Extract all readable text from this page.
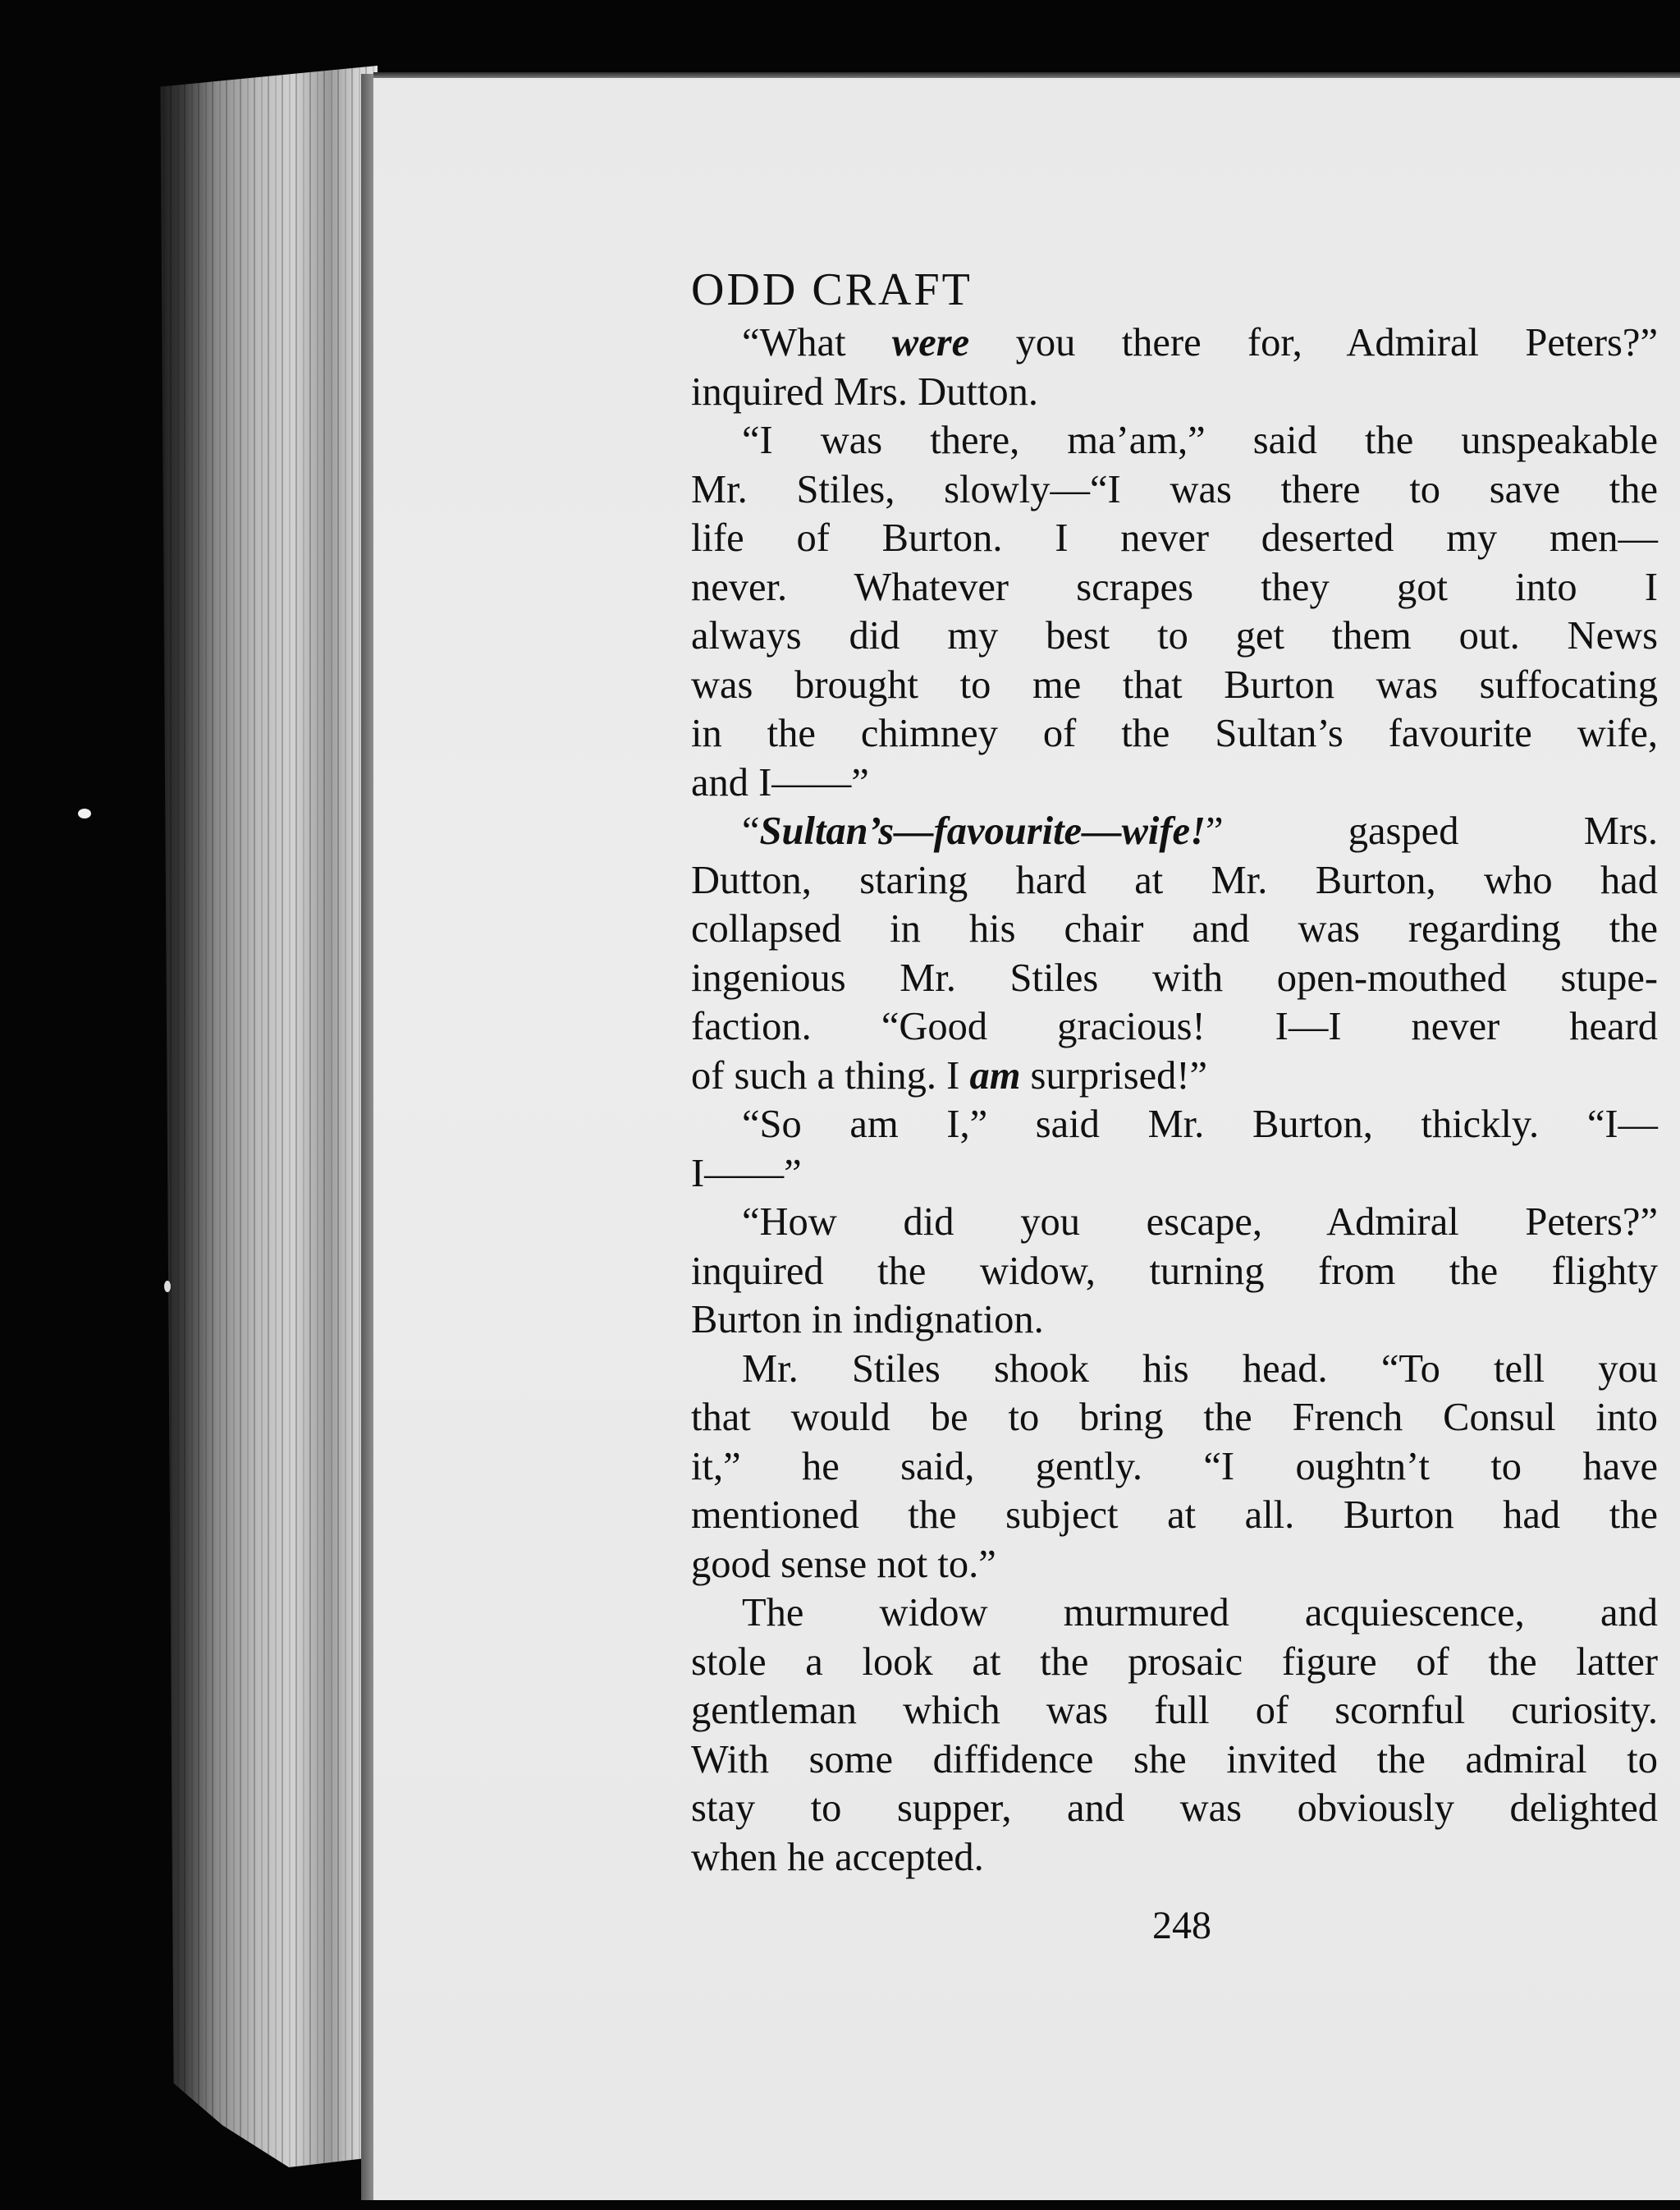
ODD CRAFT
“What were you there for, Admiral Peters?”
inquired Mrs. Dutton.
“I was there, ma’am,” said the unspeakable
Mr. Stiles, slowly—“I was there to save the
life of Burton. I never deserted my men—
never. Whatever scrapes they got into I
always did my best to get them out. News
was brought to me that Burton was suffocating
in the chimney of the Sultan’s favourite wife,
and I——”
“Sultan’s—favourite—wife!” gasped Mrs.
Dutton, staring hard at Mr. Burton, who had
collapsed in his chair and was regarding the
ingenious Mr. Stiles with open-mouthed stupe-
faction. “Good gracious! I—I never heard
of such a thing. I am surprised!”
“So am I,” said Mr. Burton, thickly. “I—
I——”
“How did you escape, Admiral Peters?”
inquired the widow, turning from the flighty
Burton in indignation.
Mr. Stiles shook his head. “To tell you
that would be to bring the French Consul into
it,” he said, gently. “I oughtn’t to have
mentioned the subject at all. Burton had the
good sense not to.”
The widow murmured acquiescence, and
stole a look at the prosaic figure of the latter
gentleman which was full of scornful curiosity.
With some diffidence she invited the admiral to
stay to supper, and was obviously delighted
when he accepted.
248
